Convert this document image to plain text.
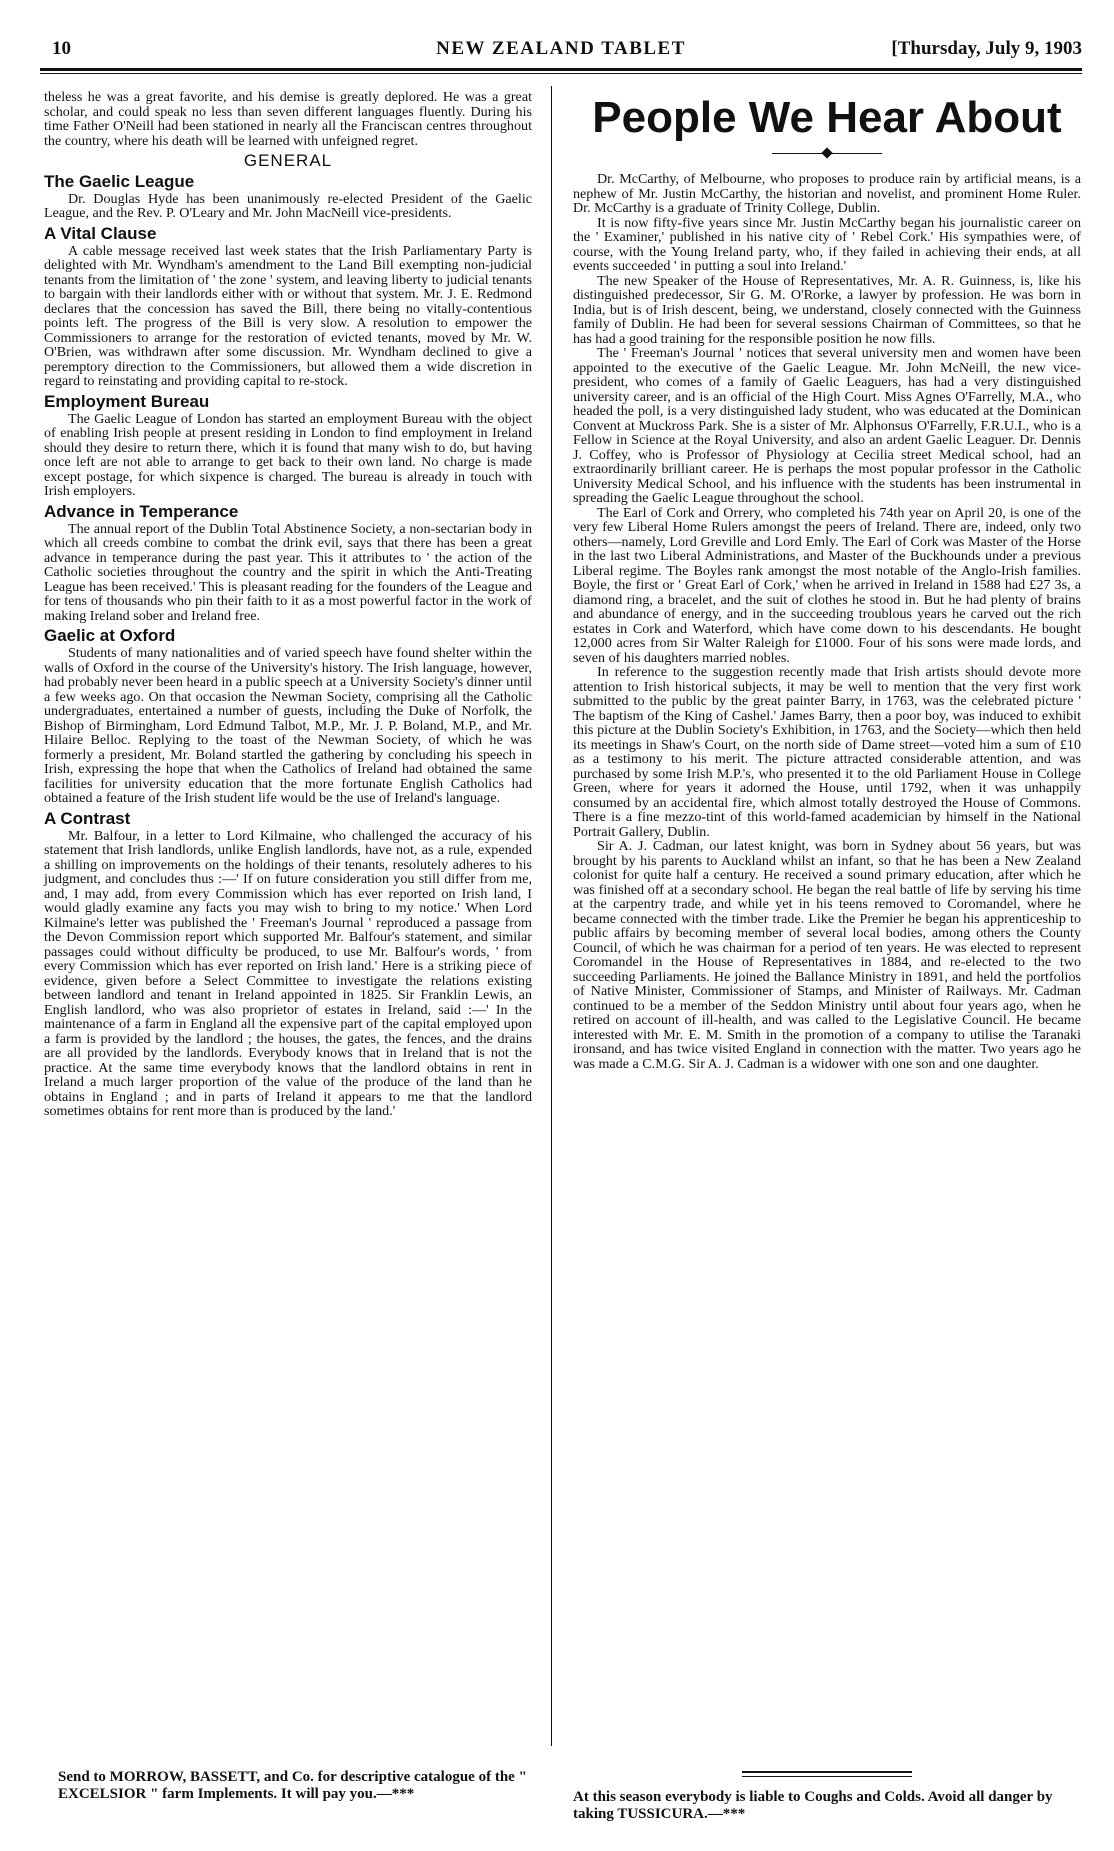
10	NEW ZEALAND TABLET	[Thursday, July 9, 1903

theless he was a great favorite, and his demise is greatly deplored. He was a great scholar, and could speak no less than seven different languages fluently. During his time Father O'Neill had been stationed in nearly all the Franciscan centres throughout the country, where his death will be learned with unfeigned regret.

GENERAL
The Gaelic League

Dr. Douglas Hyde has been unanimously re-elected President of the Gaelic League, and the Rev. P. O'Leary and Mr. John MacNeill vice-presidents.

A Vital Clause

A cable message received last week states that the Irish Parliamentary Party is delighted with Mr. Wyndham's amendment to the Land Bill exempting non-judicial tenants from the limitation of ' the zone ' system, and leaving liberty to judicial tenants to bargain with their landlords either with or without that system. Mr. J. E. Redmond declares that the concession has saved the Bill, there being no vitally-contentious points left. The progress of the Bill is very slow. A resolution to empower the Commissioners to arrange for the restoration of evicted tenants, moved by Mr. W. O'Brien, was withdrawn after some discussion. Mr. Wyndham declined to give a peremptory direction to the Commissioners, but allowed them a wide discretion in regard to reinstating and providing capital to re-stock.

Employment Bureau

The Gaelic League of London has started an employment Bureau with the object of enabling Irish people at present residing in London to find employment in Ireland should they desire to return there, which it is found that many wish to do, but having once left are not able to arrange to get back to their own land. No charge is made except postage, for which sixpence is charged. The bureau is already in touch with Irish employers.

Advance in Temperance

The annual report of the Dublin Total Abstinence Society, a non-sectarian body in which all creeds combine to combat the drink evil, says that there has been a great advance in temperance during the past year. This it attributes to ' the action of the Catholic societies throughout the country and the spirit in which the Anti-Treating League has been received.' This is pleasant reading for the founders of the League and for tens of thousands who pin their faith to it as a most powerful factor in the work of making Ireland sober and Ireland free.

Gaelic at Oxford

Students of many nationalities and of varied speech have found shelter within the walls of Oxford in the course of the University's history. The Irish language, however, had probably never been heard in a public speech at a University Society's dinner until a few weeks ago. On that occasion the Newman Society, comprising all the Catholic undergraduates, entertained a number of guests, including the Duke of Norfolk, the Bishop of Birmingham, Lord Edmund Talbot, M.P., Mr. J. P. Boland, M.P., and Mr. Hilaire Belloc. Replying to the toast of the Newman Society, of which he was formerly a president, Mr. Boland startled the gathering by concluding his speech in Irish, expressing the hope that when the Catholics of Ireland had obtained the same facilities for university education that the more fortunate English Catholics had obtained a feature of the Irish student life would be the use of Ireland's language.

A Contrast

Mr. Balfour, in a letter to Lord Kilmaine, who challenged the accuracy of his statement that Irish landlords, unlike English landlords, have not, as a rule, expended a shilling on improvements on the holdings of their tenants, resolutely adheres to his judgment, and concludes thus :—' If on future consideration you still differ from me, and, I may add, from every Commission which has ever reported on Irish land, I would gladly examine any facts you may wish to bring to my notice.' When Lord Kilmaine's letter was published the ' Freeman's Journal ' reproduced a passage from the Devon Commission report which supported Mr. Balfour's statement, and similar passages could without difficulty be produced, to use Mr. Balfour's words, ' from every Commission which has ever reported on Irish land.' Here is a striking piece of evidence, given before a Select Committee to investigate the relations existing between landlord and tenant in Ireland appointed in 1825. Sir Franklin Lewis, an English landlord, who was also proprietor of estates in Ireland, said :—' In the maintenance of a farm in England all the expensive part of the capital employed upon a farm is provided by the landlord ; the houses, the gates, the fences, and the drains are all provided by the landlords. Everybody knows that in Ireland that is not the practice. At the same time everybody knows that the landlord obtains in rent in Ireland a much larger proportion of the value of the produce of the land than he obtains in England ; and in parts of Ireland it appears to me that the landlord sometimes obtains for rent more than is produced by the land.'

Send to MORROW, BASSETT, and Co. for descriptive catalogue of the " EXCELSIOR " farm Implements. It will pay you.—***
People We Hear About

Dr. McCarthy, of Melbourne, who proposes to produce rain by artificial means, is a nephew of Mr. Justin McCarthy, the historian and novelist, and prominent Home Ruler. Dr. McCarthy is a graduate of Trinity College, Dublin.

It is now fifty-five years since Mr. Justin McCarthy began his journalistic career on the ' Examiner,' published in his native city of ' Rebel Cork.' His sympathies were, of course, with the Young Ireland party, who, if they failed in achieving their ends, at all events succeeded ' in putting a soul into Ireland.'

The new Speaker of the House of Representatives, Mr. A. R. Guinness, is, like his distinguished predecessor, Sir G. M. O'Rorke, a lawyer by profession. He was born in India, but is of Irish descent, being, we understand, closely connected with the Guinness family of Dublin. He had been for several sessions Chairman of Committees, so that he has had a good training for the responsible position he now fills.

The ' Freeman's Journal ' notices that several university men and women have been appointed to the executive of the Gaelic League. Mr. John McNeill, the new vice-president, who comes of a family of Gaelic Leaguers, has had a very distinguished university career, and is an official of the High Court. Miss Agnes O'Farrelly, M.A., who headed the poll, is a very distinguished lady student, who was educated at the Dominican Convent at Muckross Park. She is a sister of Mr. Alphonsus O'Farrelly, F.R.U.I., who is a Fellow in Science at the Royal University, and also an ardent Gaelic Leaguer. Dr. Dennis J. Coffey, who is Professor of Physiology at Cecilia street Medical school, had an extraordinarily brilliant career. He is perhaps the most popular professor in the Catholic University Medical School, and his influence with the students has been instrumental in spreading the Gaelic League throughout the school.

The Earl of Cork and Orrery, who completed his 74th year on April 20, is one of the very few Liberal Home Rulers amongst the peers of Ireland. There are, indeed, only two others—namely, Lord Greville and Lord Emly. The Earl of Cork was Master of the Horse in the last two Liberal Administrations, and Master of the Buckhounds under a previous Liberal regime. The Boyles rank amongst the most notable of the Anglo-Irish families. Boyle, the first or ' Great Earl of Cork,' when he arrived in Ireland in 1588 had £27 3s, a diamond ring, a bracelet, and the suit of clothes he stood in. But he had plenty of brains and abundance of energy, and in the succeeding troublous years he carved out the rich estates in Cork and Waterford, which have come down to his descendants. He bought 12,000 acres from Sir Walter Raleigh for £1000. Four of his sons were made lords, and seven of his daughters married nobles.

In reference to the suggestion recently made that Irish artists should devote more attention to Irish historical subjects, it may be well to mention that the very first work submitted to the public by the great painter Barry, in 1763, was the celebrated picture ' The baptism of the King of Cashel.' James Barry, then a poor boy, was induced to exhibit this picture at the Dublin Society's Exhibition, in 1763, and the Society—which then held its meetings in Shaw's Court, on the north side of Dame street—voted him a sum of £10 as a testimony to his merit. The picture attracted considerable attention, and was purchased by some Irish M.P.'s, who presented it to the old Parliament House in College Green, where for years it adorned the House, until 1792, when it was unhappily consumed by an accidental fire, which almost totally destroyed the House of Commons. There is a fine mezzo-tint of this world-famed academician by himself in the National Portrait Gallery, Dublin.

Sir A. J. Cadman, our latest knight, was born in Sydney about 56 years, but was brought by his parents to Auckland whilst an infant, so that he has been a New Zealand colonist for quite half a century. He received a sound primary education, after which he was finished off at a secondary school. He began the real battle of life by serving his time at the carpentry trade, and while yet in his teens removed to Coromandel, where he became connected with the timber trade. Like the Premier he began his apprenticeship to public affairs by becoming member of several local bodies, among others the County Council, of which he was chairman for a period of ten years. He was elected to represent Coromandel in the House of Representatives in 1884, and re-elected to the two succeeding Parliaments. He joined the Ballance Ministry in 1891, and held the portfolios of Native Minister, Commissioner of Stamps, and Minister of Railways. Mr. Cadman continued to be a member of the Seddon Ministry until about four years ago, when he retired on account of ill-health, and was called to the Legislative Council. He became interested with Mr. E. M. Smith in the promotion of a company to utilise the Taranaki ironsand, and has twice visited England in connection with the matter. Two years ago he was made a C.M.G. Sir A. J. Cadman is a widower with one son and one daughter.

At this season everybody is liable to Coughs and Colds. Avoid all danger by taking TUSSICURA.—***
